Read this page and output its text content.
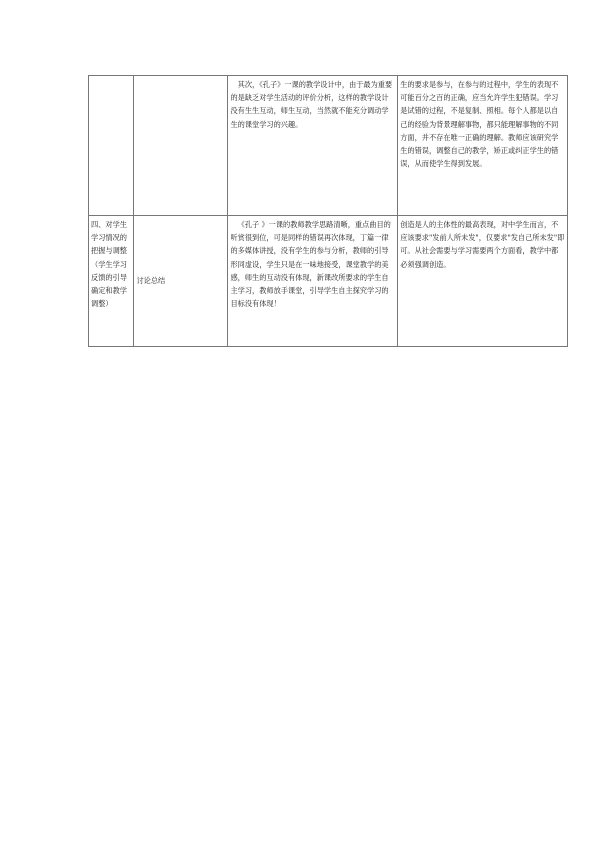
		其次，《孔子》一课的教学设计中，由于最为重要的是缺乏对学生活动的评价分析，这样的教学设计没有生生互动，师生互动，当然就不能充分调动学生的课堂学习的兴趣。	生的要求是参与，在参与的过程中，学生的表现不可能百分之百的正确，应当允许学生犯错误。学习是试错的过程，不是复制、照相。每个人都是以自己的经验为背景理解事物，都只能理解事物的不同方面，并不存在唯一正确的理解。教师应该研究学生的错误，调整自己的教学，矫正或纠正学生的错误，从而使学生得到发展。
四、对学生学习情况的把握与调整（学生学习反馈的引导确定和教学调整）	讨论总结	《孔子 》一课的教师教学思路清晰，重点曲目的听赏很到位，可是同样的错误再次体现，丁篇一律的多媒体讲授，没有学生的参与分析，教师的引导形同虚设，学生只是在一味地接受，课堂教学的美感，师生的互动没有体现，新课改所要求的学生自主学习，教师放手课堂，引导学生自主探究学习的目标没有体现！	创造是人的主体性的最高表现，对中学生而言，不应该要求"发前人所未发"，仅要求"发自己所未发"即可。从社会需要与学习需要两个方面看，教学中都必须强调创造。
